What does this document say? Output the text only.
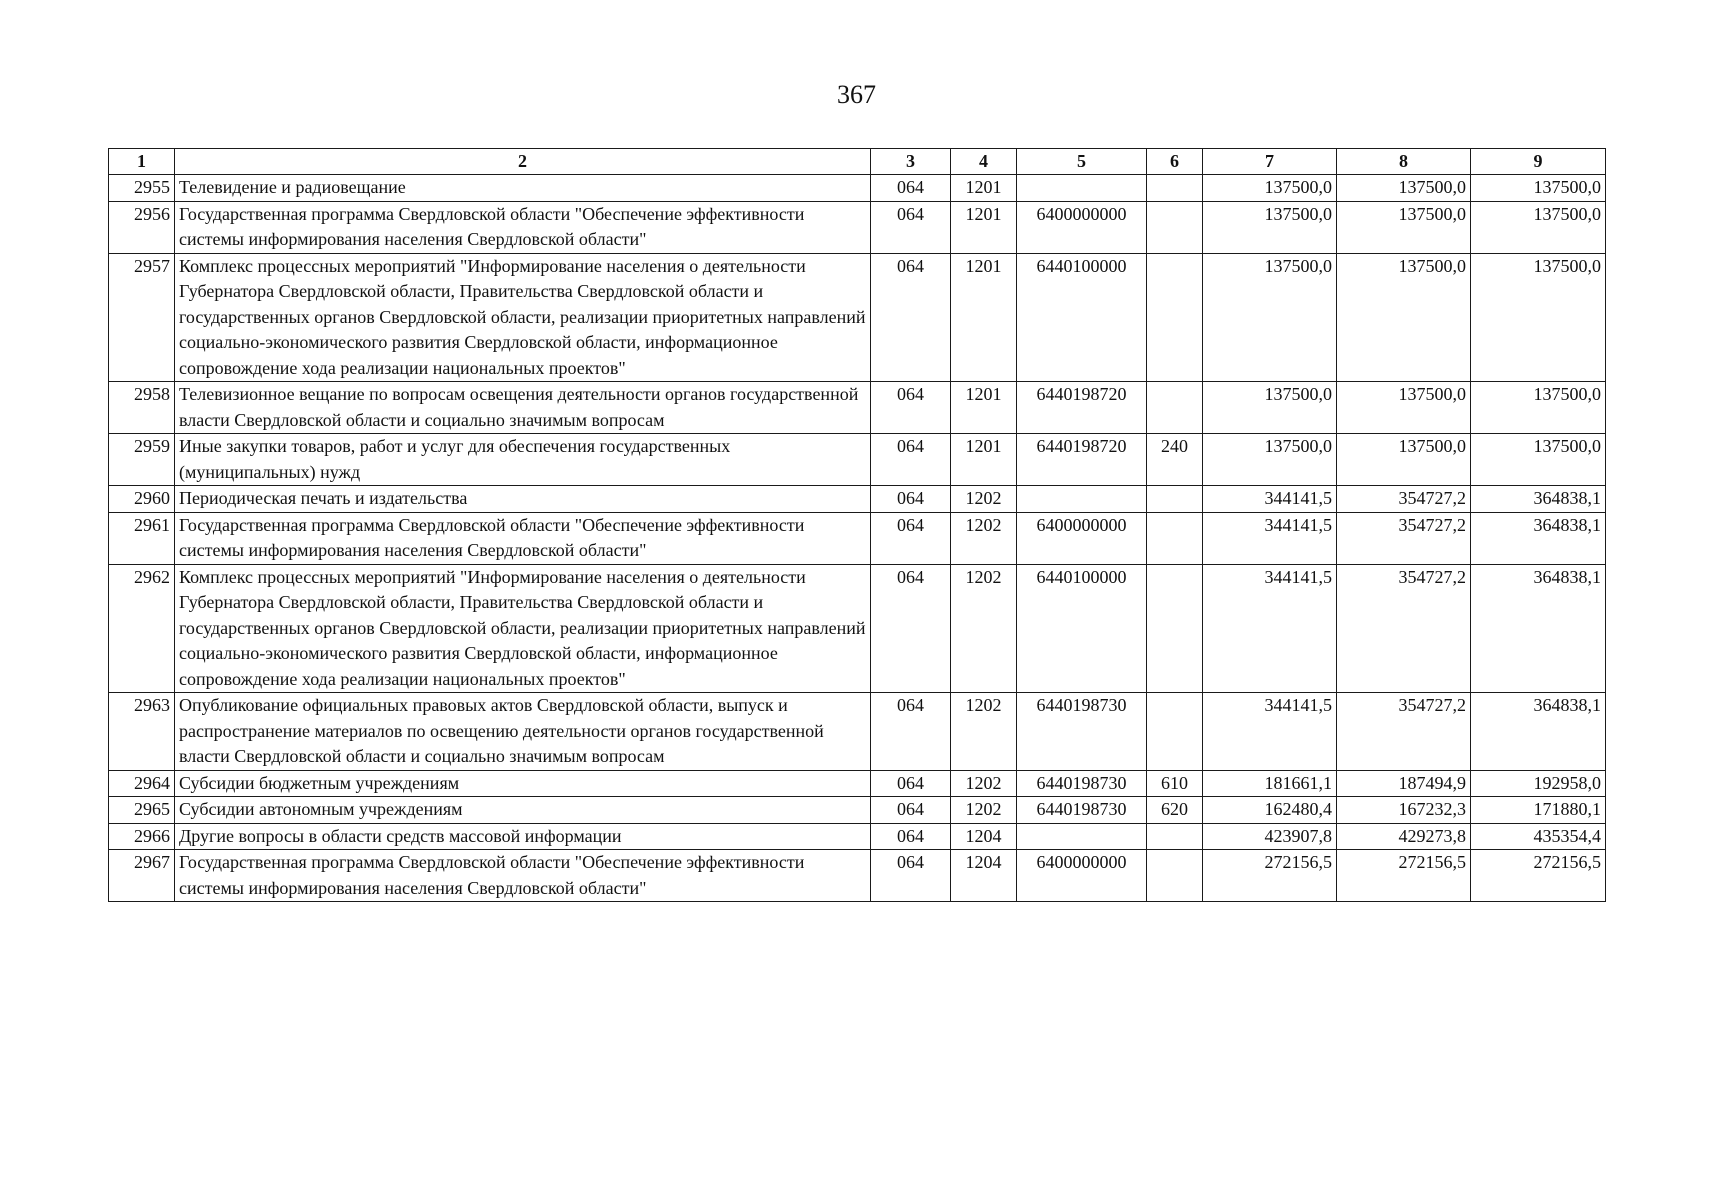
367
1	2	3	4	5	6	7	8	9
2955	Телевидение и радиовещание	064	1201			137500,0	137500,0	137500,0
2956	Государственная программа Свердловской области "Обеспечение эффективности системы информирования населения Свердловской области"	064	1201	6400000000		137500,0	137500,0	137500,0
2957	Комплекс процессных мероприятий "Информирование населения о деятельности Губернатора Свердловской области, Правительства Свердловской области и государственных органов Свердловской области, реализации приоритетных направлений социально-экономического развития Свердловской области, информационное сопровождение хода реализации национальных проектов"	064	1201	6440100000		137500,0	137500,0	137500,0
2958	Телевизионное вещание по вопросам освещения деятельности органов государственной власти Свердловской области и социально значимым вопросам	064	1201	6440198720		137500,0	137500,0	137500,0
2959	Иные закупки товаров, работ и услуг для обеспечения государственных (муниципальных) нужд	064	1201	6440198720	240	137500,0	137500,0	137500,0
2960	Периодическая печать и издательства	064	1202			344141,5	354727,2	364838,1
2961	Государственная программа Свердловской области "Обеспечение эффективности системы информирования населения Свердловской области"	064	1202	6400000000		344141,5	354727,2	364838,1
2962	Комплекс процессных мероприятий "Информирование населения о деятельности Губернатора Свердловской области, Правительства Свердловской области и государственных органов Свердловской области, реализации приоритетных направлений социально-экономического развития Свердловской области, информационное сопровождение хода реализации национальных проектов"	064	1202	6440100000		344141,5	354727,2	364838,1
2963	Опубликование официальных правовых актов Свердловской области, выпуск и распространение материалов по освещению деятельности органов государственной власти Свердловской области и социально значимым вопросам	064	1202	6440198730		344141,5	354727,2	364838,1
2964	Субсидии бюджетным учреждениям	064	1202	6440198730	610	181661,1	187494,9	192958,0
2965	Субсидии автономным учреждениям	064	1202	6440198730	620	162480,4	167232,3	171880,1
2966	Другие вопросы в области средств массовой информации	064	1204			423907,8	429273,8	435354,4
2967	Государственная программа Свердловской области "Обеспечение эффективности системы информирования населения Свердловской области"	064	1204	6400000000		272156,5	272156,5	272156,5
